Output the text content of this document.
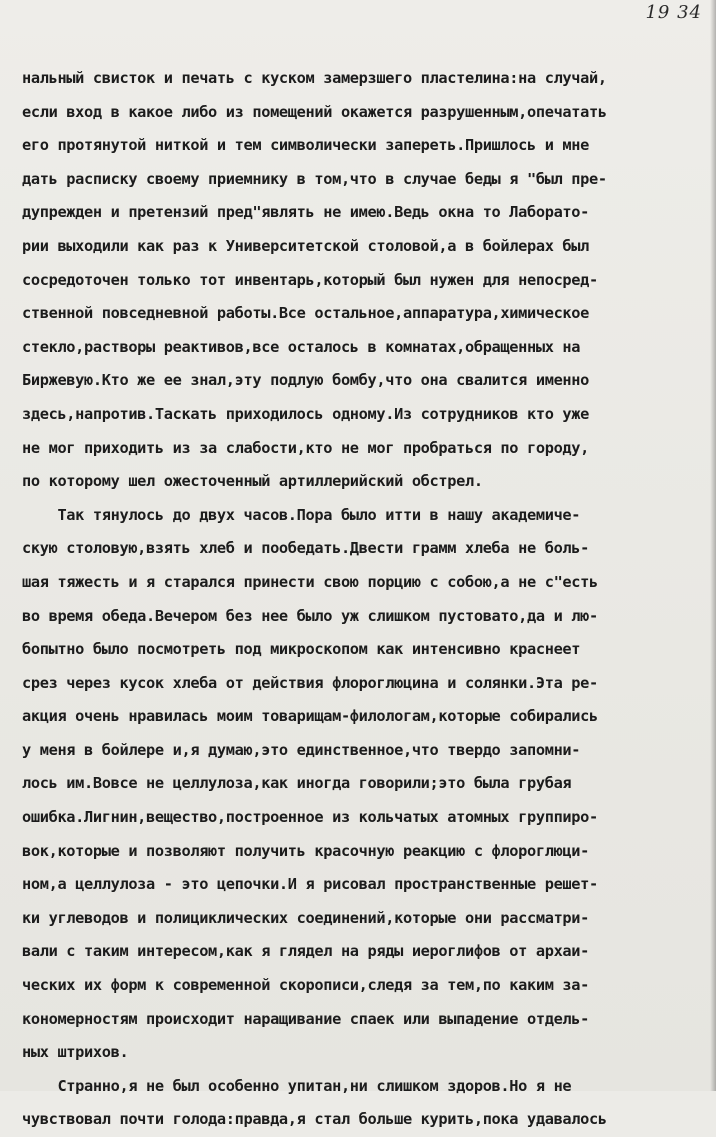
19 34
нальный свисток и печать с куском замерзшего пластелина:на случай,
если вход в какое либо из помещений окажется разрушенным,опечатать
его протянутой ниткой и тем символически запереть.Пришлось и мне
дать расписку своему приемнику в том,что в случае беды я "был пре-
дупрежден и претензий пред"являть не имею.Ведь окна то Лаборато-
рии выходили как раз к Университетской столовой,а в бойлерах был
сосредоточен только тот инвентарь,который был нужен для непосред-
ственной повседневной работы.Все остальное,аппаратура,химическое
стекло,растворы реактивов,все осталось в комнатах,обращенных на
Биржевую.Кто же ее знал,эту подлую бомбу,что она свалится именно
здесь,напротив.Таскать приходилось одному.Из сотрудников кто уже
не мог приходить из за слабости,кто не мог пробраться по городу,
по которому шел ожесточенный артиллерийский обстрел.
Так тянулось до двух часов.Пора было итти в нашу академиче-
скую столовую,взять хлеб и пообедать.Двести грамм хлеба не боль-
шая тяжесть и я старался принести свою порцию с собою,а не с"есть
во время обеда.Вечером без нее было уж слишком пустовато,да и лю-
бопытно было посмотреть под микроскопом как интенсивно краснеет
срез через кусок хлеба от действия флороглюцина и солянки.Эта ре-
акция очень нравилась моим товарищам-филологам,которые собирались
у меня в бойлере и,я думаю,это единственное,что твердо запомни-
лось им.Вовсе не целлулоза,как иногда говорили;это была грубая
ошибка.Лигнин,вещество,построенное из кольчатых атомных группиро-
вок,которые и позволяют получить красочную реакцию с флороглюци-
ном,а целлулоза - это цепочки.И я рисовал пространственные решет-
ки углеводов и полициклических соединений,которые они рассматри-
вали с таким интересом,как я глядел на ряды иероглифов от архаи-
ческих их форм к современной скорописи,следя за тем,по каким за-
кономерностям происходит наращивание спаек или выпадение отдель-
ных штрихов.
Странно,я не был особенно упитан,ни слишком здоров.Но я не
чувствовал почти голода:правда,я стал больше курить,пока удавалось
